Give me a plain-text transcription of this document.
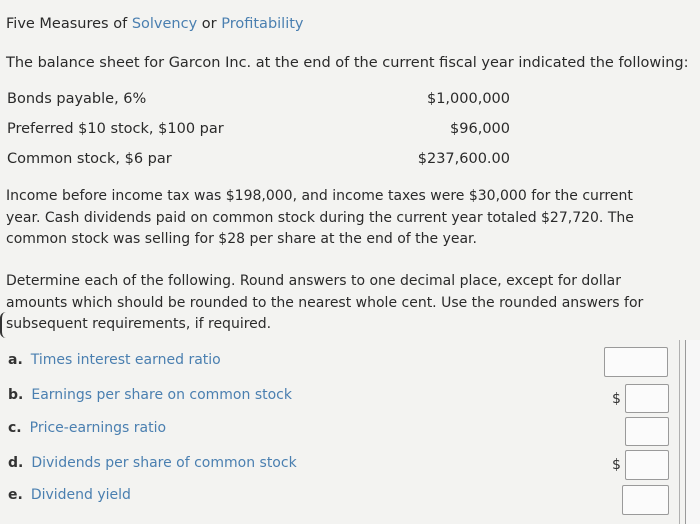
Five Measures of Solvency or Profitability
The balance sheet for Garcon Inc. at the end of the current fiscal year indicated the following:
Bonds payable, 6%	$1,000,000
Preferred $10 stock, $100 par	$96,000
Common stock, $6 par	$237,600.00
Income before income tax was $198,000, and income taxes were $30,000 for the current year. Cash dividends paid on common stock during the current year totaled $27,720. The common stock was selling for $28 per share at the end of the year.
Determine each of the following. Round answers to one decimal place, except for dollar amounts which should be rounded to the nearest whole cent. Use the rounded answers for subsequent requirements, if required.
a. Times interest earned ratio
b. Earnings per share on common stock
c. Price-earnings ratio
d. Dividends per share of common stock
e. Dividend yield
$
$
